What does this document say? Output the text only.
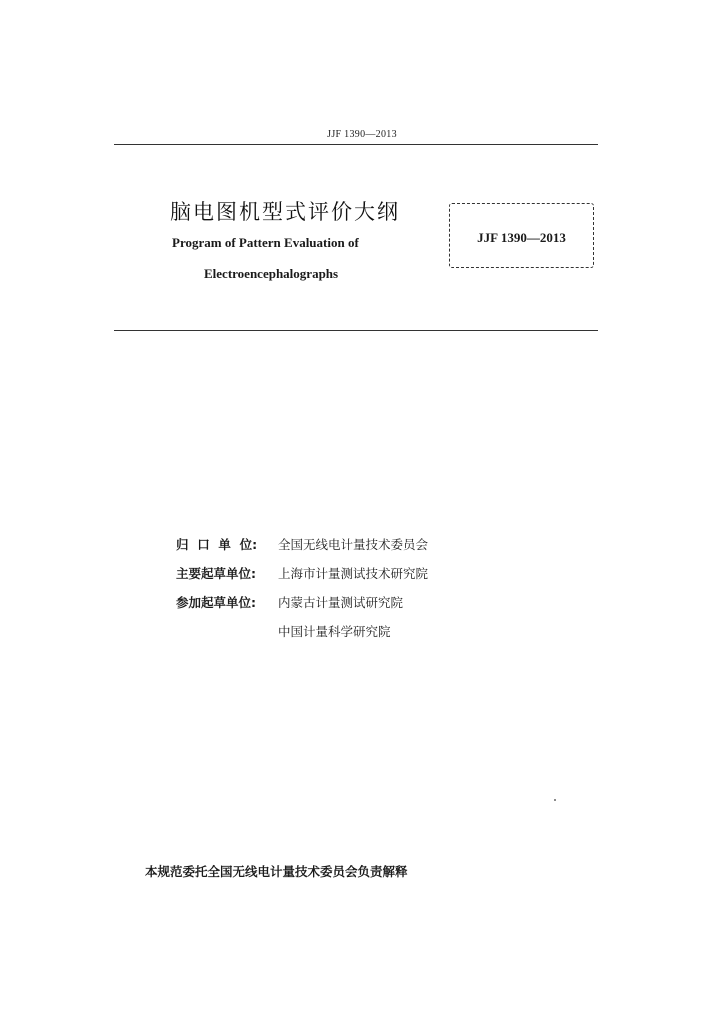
JJF 1390—2013
脑电图机型式评价大纲
Program of Pattern Evaluation of
Electroencephalographs
JJF 1390—2013
归  口  单  位: 全国无线电计量技术委员会
主要起草单位: 上海市计量测试技术研究院
参加起草单位: 内蒙古计量测试研究院
中国计量科学研究院
本规范委托全国无线电计量技术委员会负责解释
